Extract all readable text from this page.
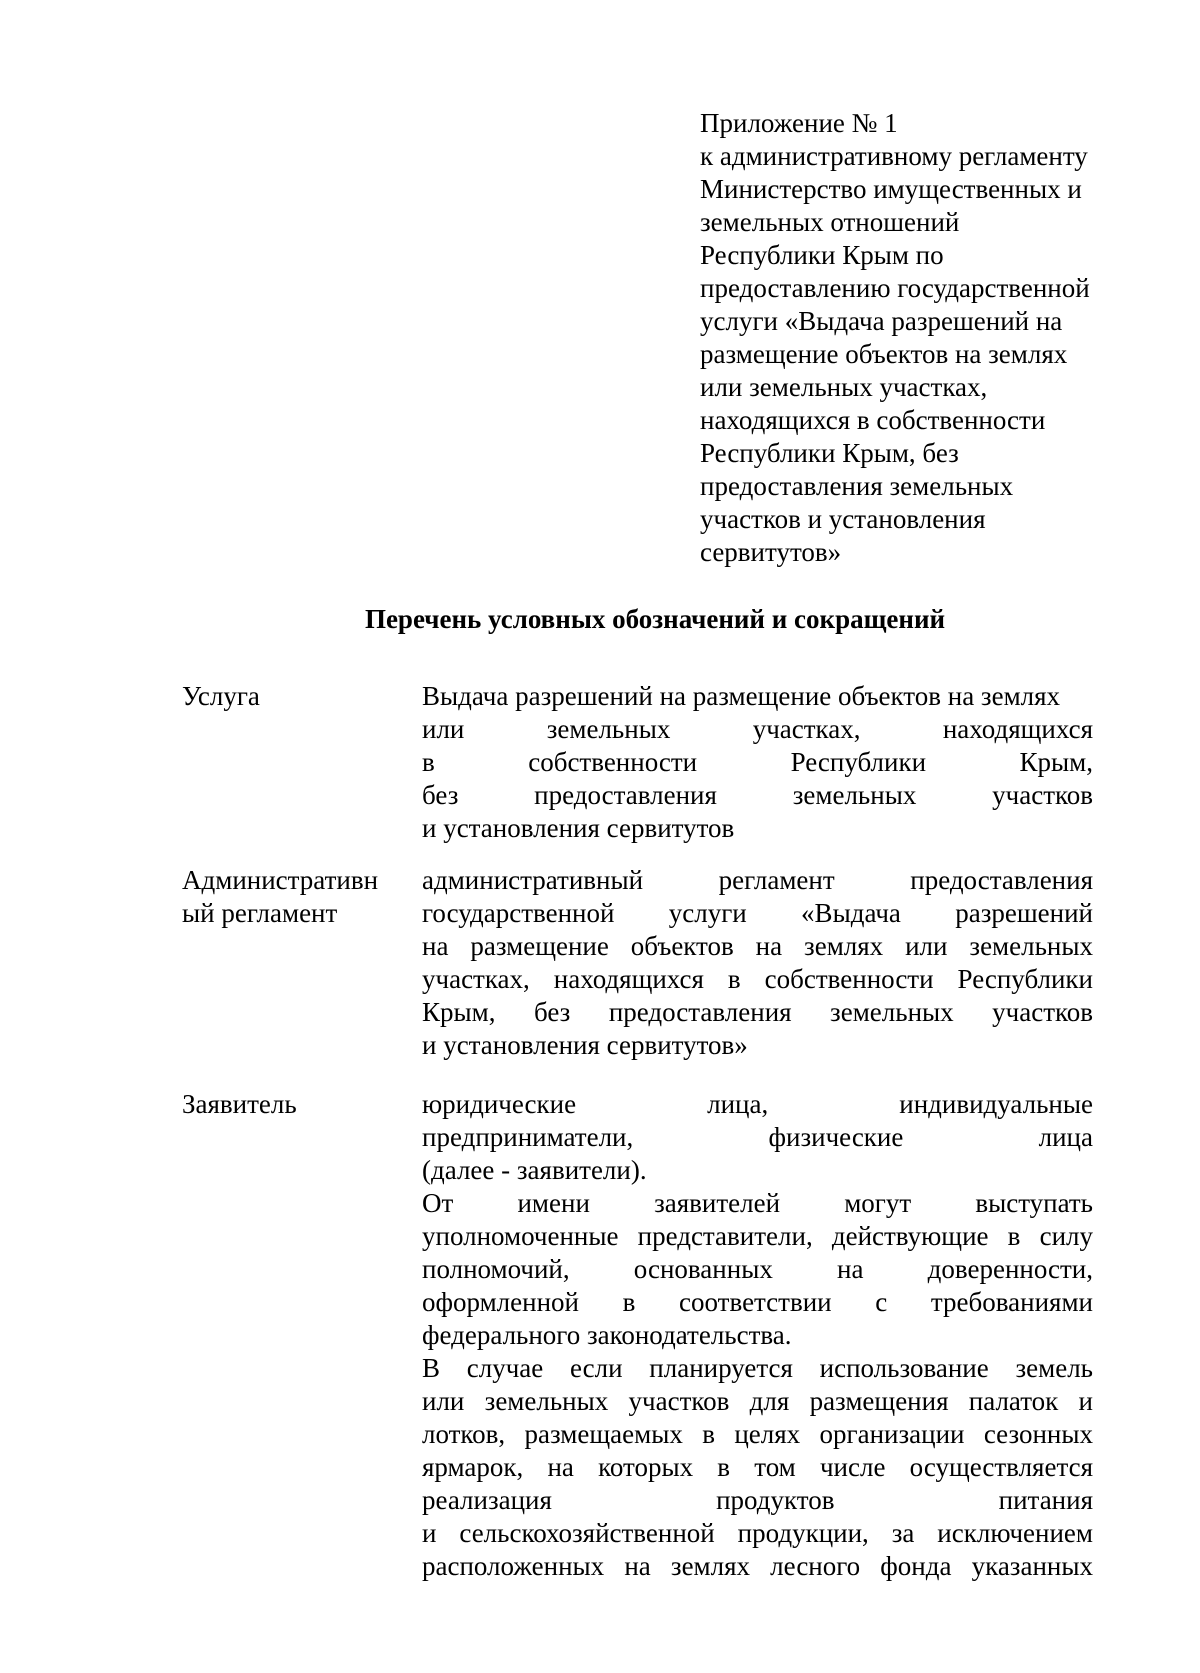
Приложение № 1
к административному регламенту
Министерство имущественных и
земельных отношений
Республики Крым по
предоставлению государственной
услуги «Выдача разрешений на
размещение объектов на землях
или земельных участках,
находящихся в собственности
Республики Крым, без
предоставления земельных
участков и установления
сервитутов»
Перечень условных обозначений и сокращений
Услуга	Выдача разрешений на размещение объектов на землях
или земельных участках, находящихся
в собственности Республики Крым,
без предоставления земельных участков
и установления сервитутов
Административн
ый регламент
административный регламент предоставления
государственной услуги «Выдача разрешений
на размещение объектов на землях или земельных
участках, находящихся в собственности Республики
Крым, без предоставления земельных участков
и установления сервитутов»
Заявитель	юридические лица, индивидуальные
предприниматели, физические лица
(далее - заявители).
От имени заявителей могут выступать
уполномоченные представители, действующие в силу
полномочий, основанных на доверенности,
оформленной в соответствии с требованиями
федерального законодательства.
В случае если планируется использование земель
или земельных участков для размещения палаток и
лотков, размещаемых в целях организации сезонных
ярмарок, на которых в том числе осуществляется
реализация продуктов питания
и сельскохозяйственной продукции, за исключением
расположенных на землях лесного фонда указанных
